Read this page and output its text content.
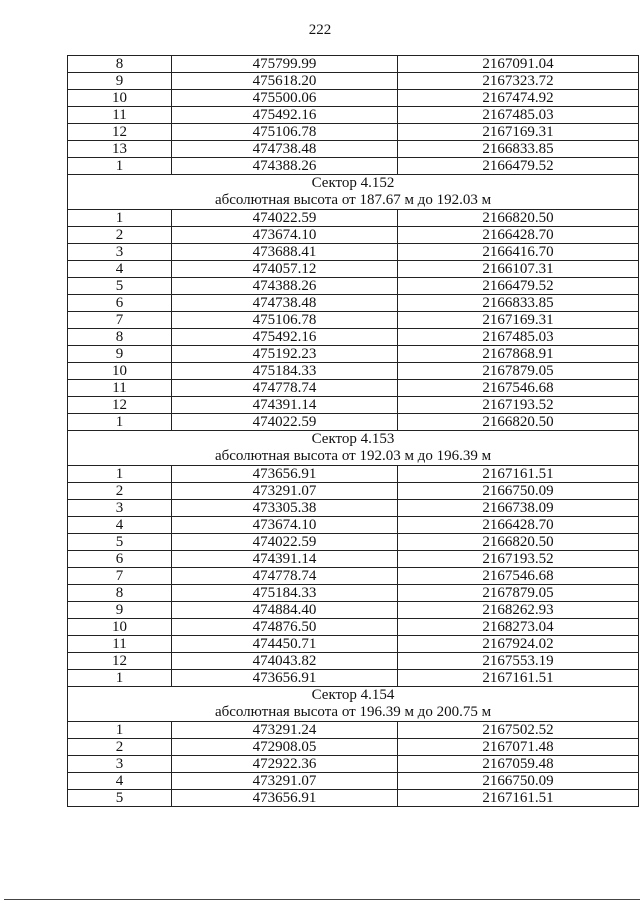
222
8	475799.99	2167091.04
9	475618.20	2167323.72
10	475500.06	2167474.92
11	475492.16	2167485.03
12	475106.78	2167169.31
13	474738.48	2166833.85
1	474388.26	2166479.52

Сектор 4.152
абсолютная высота от 187.67 м до 192.03 м		

1	474022.59	2166820.50
2	473674.10	2166428.70
3	473688.41	2166416.70
4	474057.12	2166107.31
5	474388.26	2166479.52
6	474738.48	2166833.85
7	475106.78	2167169.31
8	475492.16	2167485.03
9	475192.23	2167868.91
10	475184.33	2167879.05
11	474778.74	2167546.68
12	474391.14	2167193.52
1	474022.59	2166820.50

Сектор 4.153
абсолютная высота от 192.03 м до 196.39 м		

1	473656.91	2167161.51
2	473291.07	2166750.09
3	473305.38	2166738.09
4	473674.10	2166428.70
5	474022.59	2166820.50
6	474391.14	2167193.52
7	474778.74	2167546.68
8	475184.33	2167879.05
9	474884.40	2168262.93
10	474876.50	2168273.04
11	474450.71	2167924.02
12	474043.82	2167553.19
1	473656.91	2167161.51

Сектор 4.154
абсолютная высота от 196.39 м до 200.75 м		

1	473291.24	2167502.52
2	472908.05	2167071.48
3	472922.36	2167059.48
4	473291.07	2166750.09
5	473656.91	2167161.51
